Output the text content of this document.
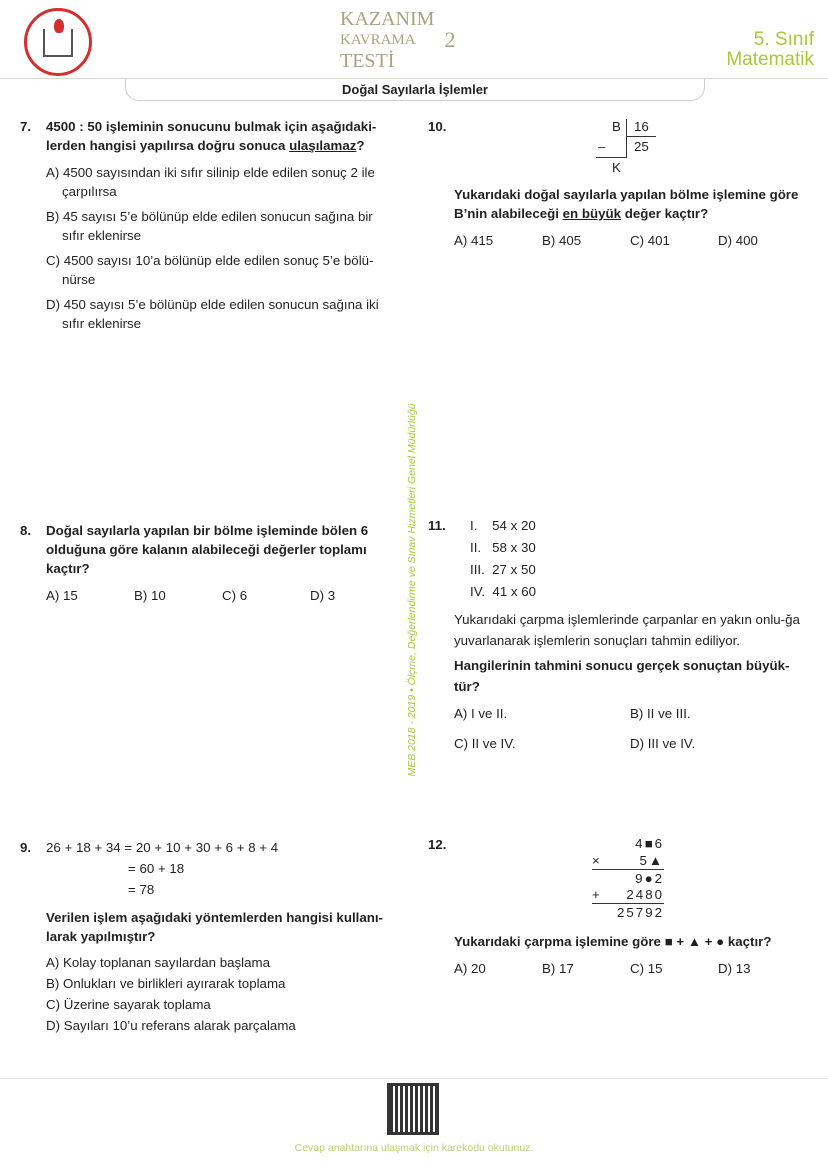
KAZANIM
KAVRAMA
TESTİ
2	5. Sınıf
Matematik
Doğal Sayılarla İşlemler
7. 4500 : 50 işleminin sonucunu bulmak için aşağıdaki-lerden hangisi yapılırsa doğru sonuca ulaşılamaz?
A) 4500 sayısından iki sıfır silinip elde edilen sonuç 2 ile çarpılırsa
B) 45 sayısı 5’e bölünüp elde edilen sonucun sağına bir sıfır eklenirse
C) 4500 sayısı 10’a bölünüp elde edilen sonuç 5’e bölü-nürse
D) 450 sayısı 5’e bölünüp elde edilen sonucun sağına iki sıfır eklenirse
8. Doğal sayılarla yapılan bir bölme işleminde bölen 6 olduğuna göre kalanın alabileceği değerler toplamı kaçtır?
A) 15	B) 10	C) 6	D) 3
9. 26 + 18 + 34 = 20 + 10 + 30 + 6 + 8 + 4
= 60 + 18
= 78
Verilen işlem aşağıdaki yöntemlerden hangisi kullanı-larak yapılmıştır?
A) Kolay toplanan sayılardan başlama
B) Onlukları ve birlikleri ayırarak toplama
C) Üzerine sayarak toplama
D) Sayıları 10’u referans alarak parçalama
MEB 2018 - 2019 • Ölçme, Değerlendirme ve Sınav Hizmetleri Genel Müdürlüğü
10.	B 16
25
–
K
Yukarıdaki doğal sayılarla yapılan bölme işlemine göre B’nin alabileceği en büyük değer kaçtır?
A) 415	B) 405	C) 401	D) 400
11. I.    54 x 20
II.   58 x 30
III.  27 x 50
IV.  41 x 60
Yukarıdaki çarpma işlemlerinde çarpanlar en yakın onlu-ğa yuvarlanarak işlemlerin sonuçları tahmin ediliyor.
Hangilerinin tahmini sonucu gerçek sonuçtan büyük-tür?
A) I ve II.	B) II ve III.
C) II ve IV.	D) III ve IV.
12.	4■6
×	5▲
9●2
+	2480
25792
Yukarıdaki çarpma işlemine göre ■ + ▲ + ● kaçtır?
A) 20	B) 17	C) 15	D) 13
Cevap anahtarına ulaşmak için karekodu okutunuz.
